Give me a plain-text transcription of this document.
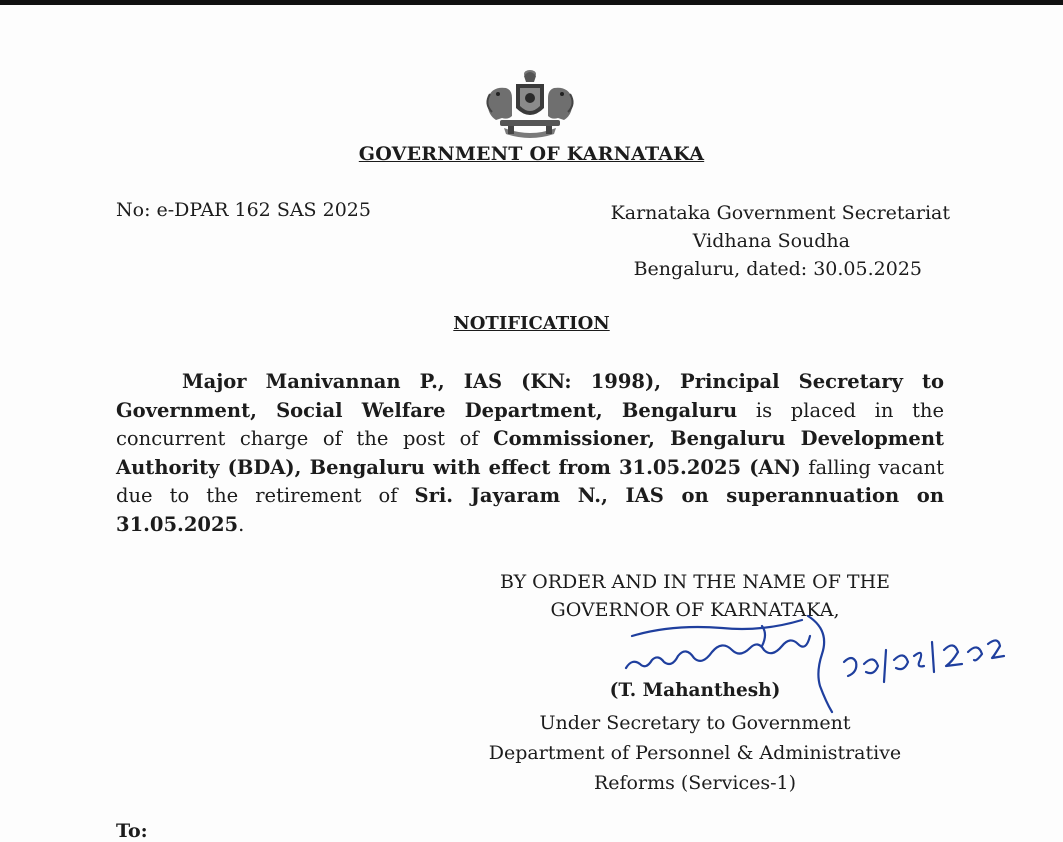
GOVERNMENT OF KARNATAKA
No: e-DPAR 162 SAS 2025	Karnataka Government Secretariat
Vidhana Soudha
Bengaluru, dated: 30.05.2025
NOTIFICATION

Major Manivannan P., IAS (KN: 1998), Principal Secretary to Government, Social Welfare Department, Bengaluru is placed in the concurrent charge of the post of Commissioner, Bengaluru Development Authority (BDA), Bengaluru with effect from 31.05.2025 (AN) falling vacant due to the retirement of Sri. Jayaram N., IAS on superannuation on 31.05.2025.

BY ORDER AND IN THE NAME OF THE
GOVERNOR OF KARNATAKA,
(T. Mahanthesh)
Under Secretary to Government
Department of Personnel & Administrative
Reforms (Services-1)
To:
